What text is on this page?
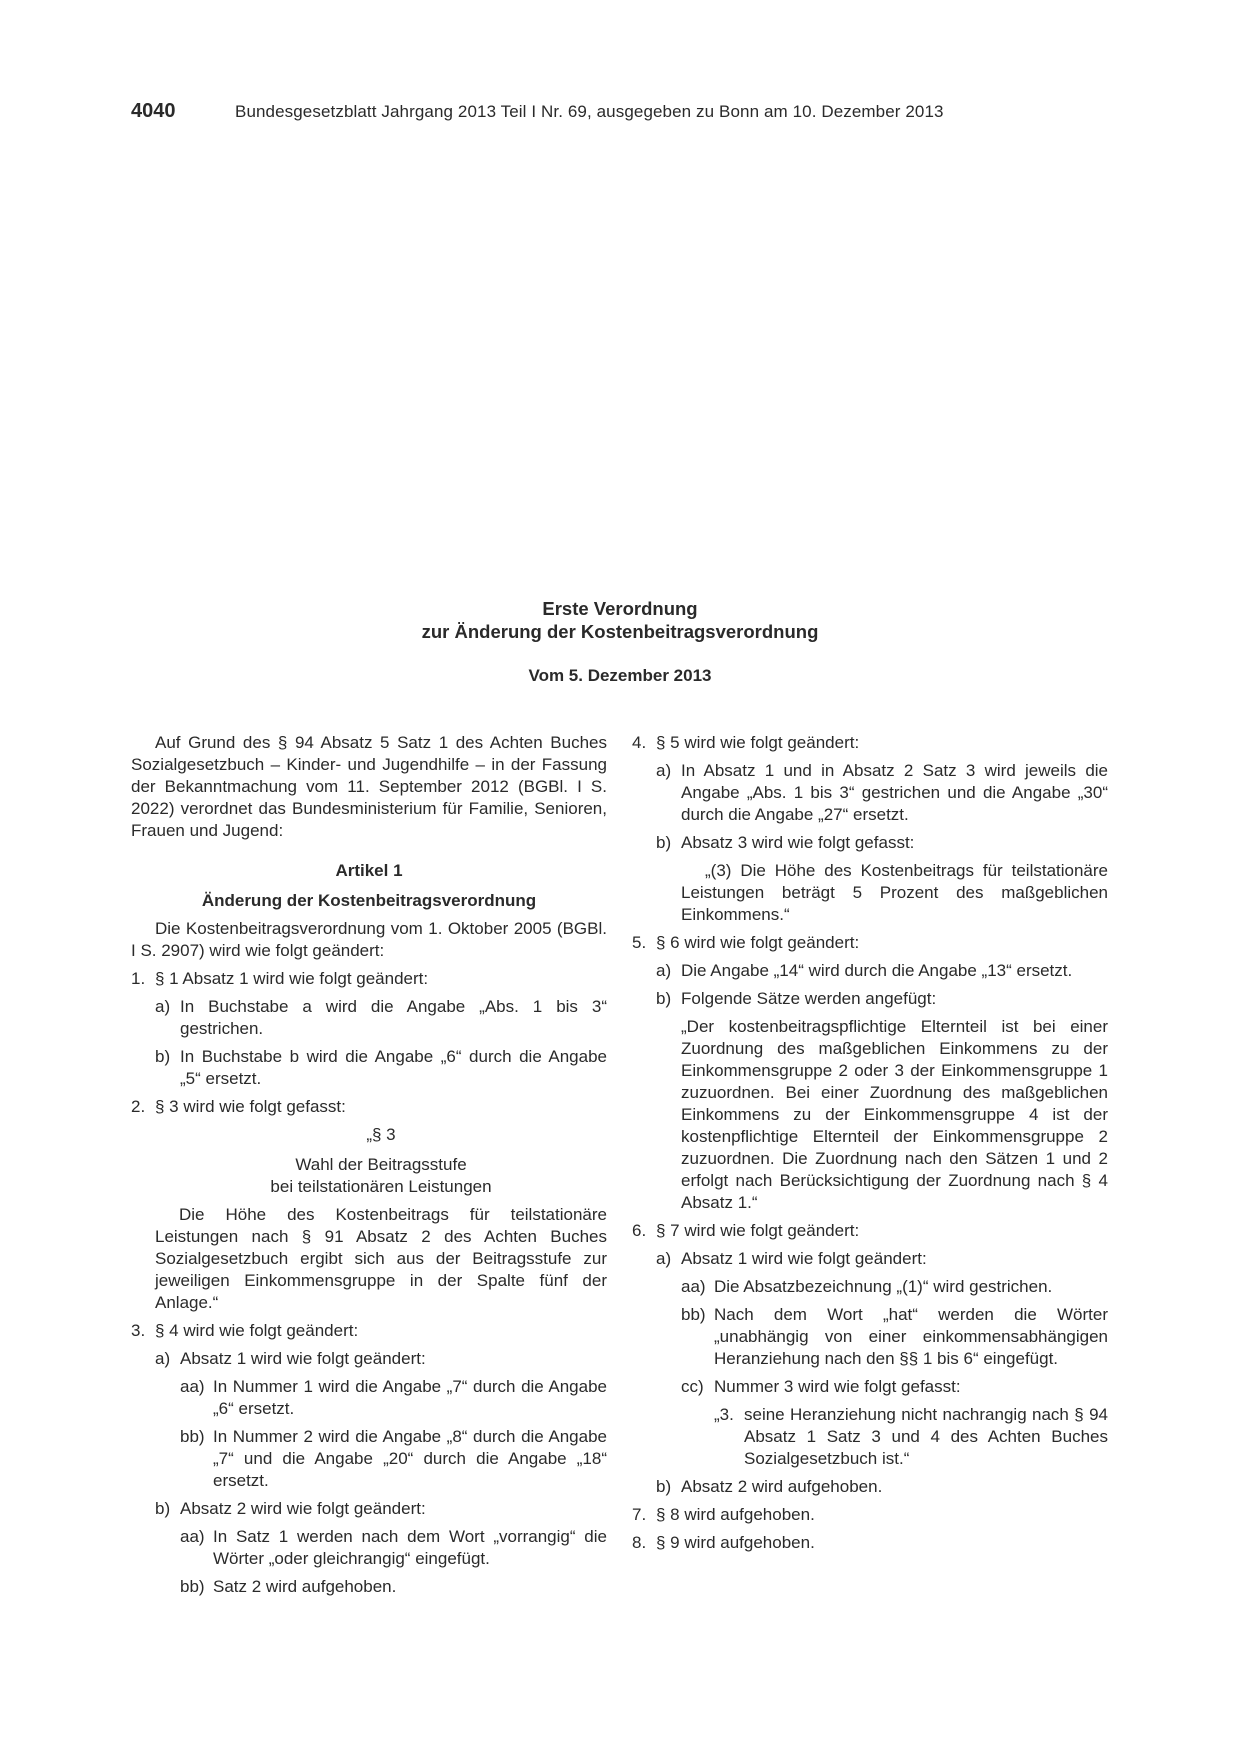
4040	Bundesgesetzblatt Jahrgang 2013 Teil I Nr. 69, ausgegeben zu Bonn am 10. Dezember 2013
Erste Verordnung
zur Änderung der Kostenbeitragsverordnung
Vom 5. Dezember 2013

Auf Grund des § 94 Absatz 5 Satz 1 des Achten Buches Sozialgesetzbuch – Kinder- und Jugendhilfe – in der Fassung der Bekanntmachung vom 11. September 2012 (BGBl. I S. 2022) verordnet das Bundesministerium für Familie, Senioren, Frauen und Jugend:

Artikel 1

Änderung der Kostenbeitragsverordnung

Die Kostenbeitragsverordnung vom 1. Oktober 2005 (BGBl. I S. 2907) wird wie folgt geändert:

1. § 1 Absatz 1 wird wie folgt geändert:
a) In Buchstabe a wird die Angabe „Abs. 1 bis 3“ gestrichen.
b) In Buchstabe b wird die Angabe „6“ durch die Angabe „5“ ersetzt.
2. § 3 wird wie folgt gefasst:

„§ 3

Wahl der Beitragsstufe

bei teilstationären Leistungen

Die Höhe des Kostenbeitrags für teilstationäre Leistungen nach § 91 Absatz 2 des Achten Buches Sozialgesetzbuch ergibt sich aus der Beitragsstufe zur jeweiligen Einkommensgruppe in der Spalte fünf der Anlage.“

3. § 4 wird wie folgt geändert:
a) Absatz 1 wird wie folgt geändert:
aa) In Nummer 1 wird die Angabe „7“ durch die Angabe „6“ ersetzt.
bb) In Nummer 2 wird die Angabe „8“ durch die Angabe „7“ und die Angabe „20“ durch die Angabe „18“ ersetzt.
b) Absatz 2 wird wie folgt geändert:
aa) In Satz 1 werden nach dem Wort „vorrangig“ die Wörter „oder gleichrangig“ eingefügt.
bb) Satz 2 wird aufgehoben.
4. § 5 wird wie folgt geändert:
a) In Absatz 1 und in Absatz 2 Satz 3 wird jeweils die Angabe „Abs. 1 bis 3“ gestrichen und die Angabe „30“ durch die Angabe „27“ ersetzt.
b) Absatz 3 wird wie folgt gefasst:

„(3) Die Höhe des Kostenbeitrags für teilstationäre Leistungen beträgt 5 Prozent des maßgeblichen Einkommens.“

5. § 6 wird wie folgt geändert:
a) Die Angabe „14“ wird durch die Angabe „13“ ersetzt.
b) Folgende Sätze werden angefügt:

„Der kostenbeitragspflichtige Elternteil ist bei einer Zuordnung des maßgeblichen Einkommens zu der Einkommensgruppe 2 oder 3 der Einkommensgruppe 1 zuzuordnen. Bei einer Zuordnung des maßgeblichen Einkommens zu der Einkommensgruppe 4 ist der kostenpflichtige Elternteil der Einkommensgruppe 2 zuzuordnen. Die Zuordnung nach den Sätzen 1 und 2 erfolgt nach Berücksichtigung der Zuordnung nach § 4 Absatz 1.“

6. § 7 wird wie folgt geändert:
a) Absatz 1 wird wie folgt geändert:
aa) Die Absatzbezeichnung „(1)“ wird gestrichen.
bb) Nach dem Wort „hat“ werden die Wörter „unabhängig von einer einkommensabhängigen Heranziehung nach den §§ 1 bis 6“ eingefügt.
cc) Nummer 3 wird wie folgt gefasst:
„3. seine Heranziehung nicht nachrangig nach § 94 Absatz 1 Satz 3 und 4 des Achten Buches Sozialgesetzbuch ist.“
b) Absatz 2 wird aufgehoben.
7. § 8 wird aufgehoben.
8. § 9 wird aufgehoben.
